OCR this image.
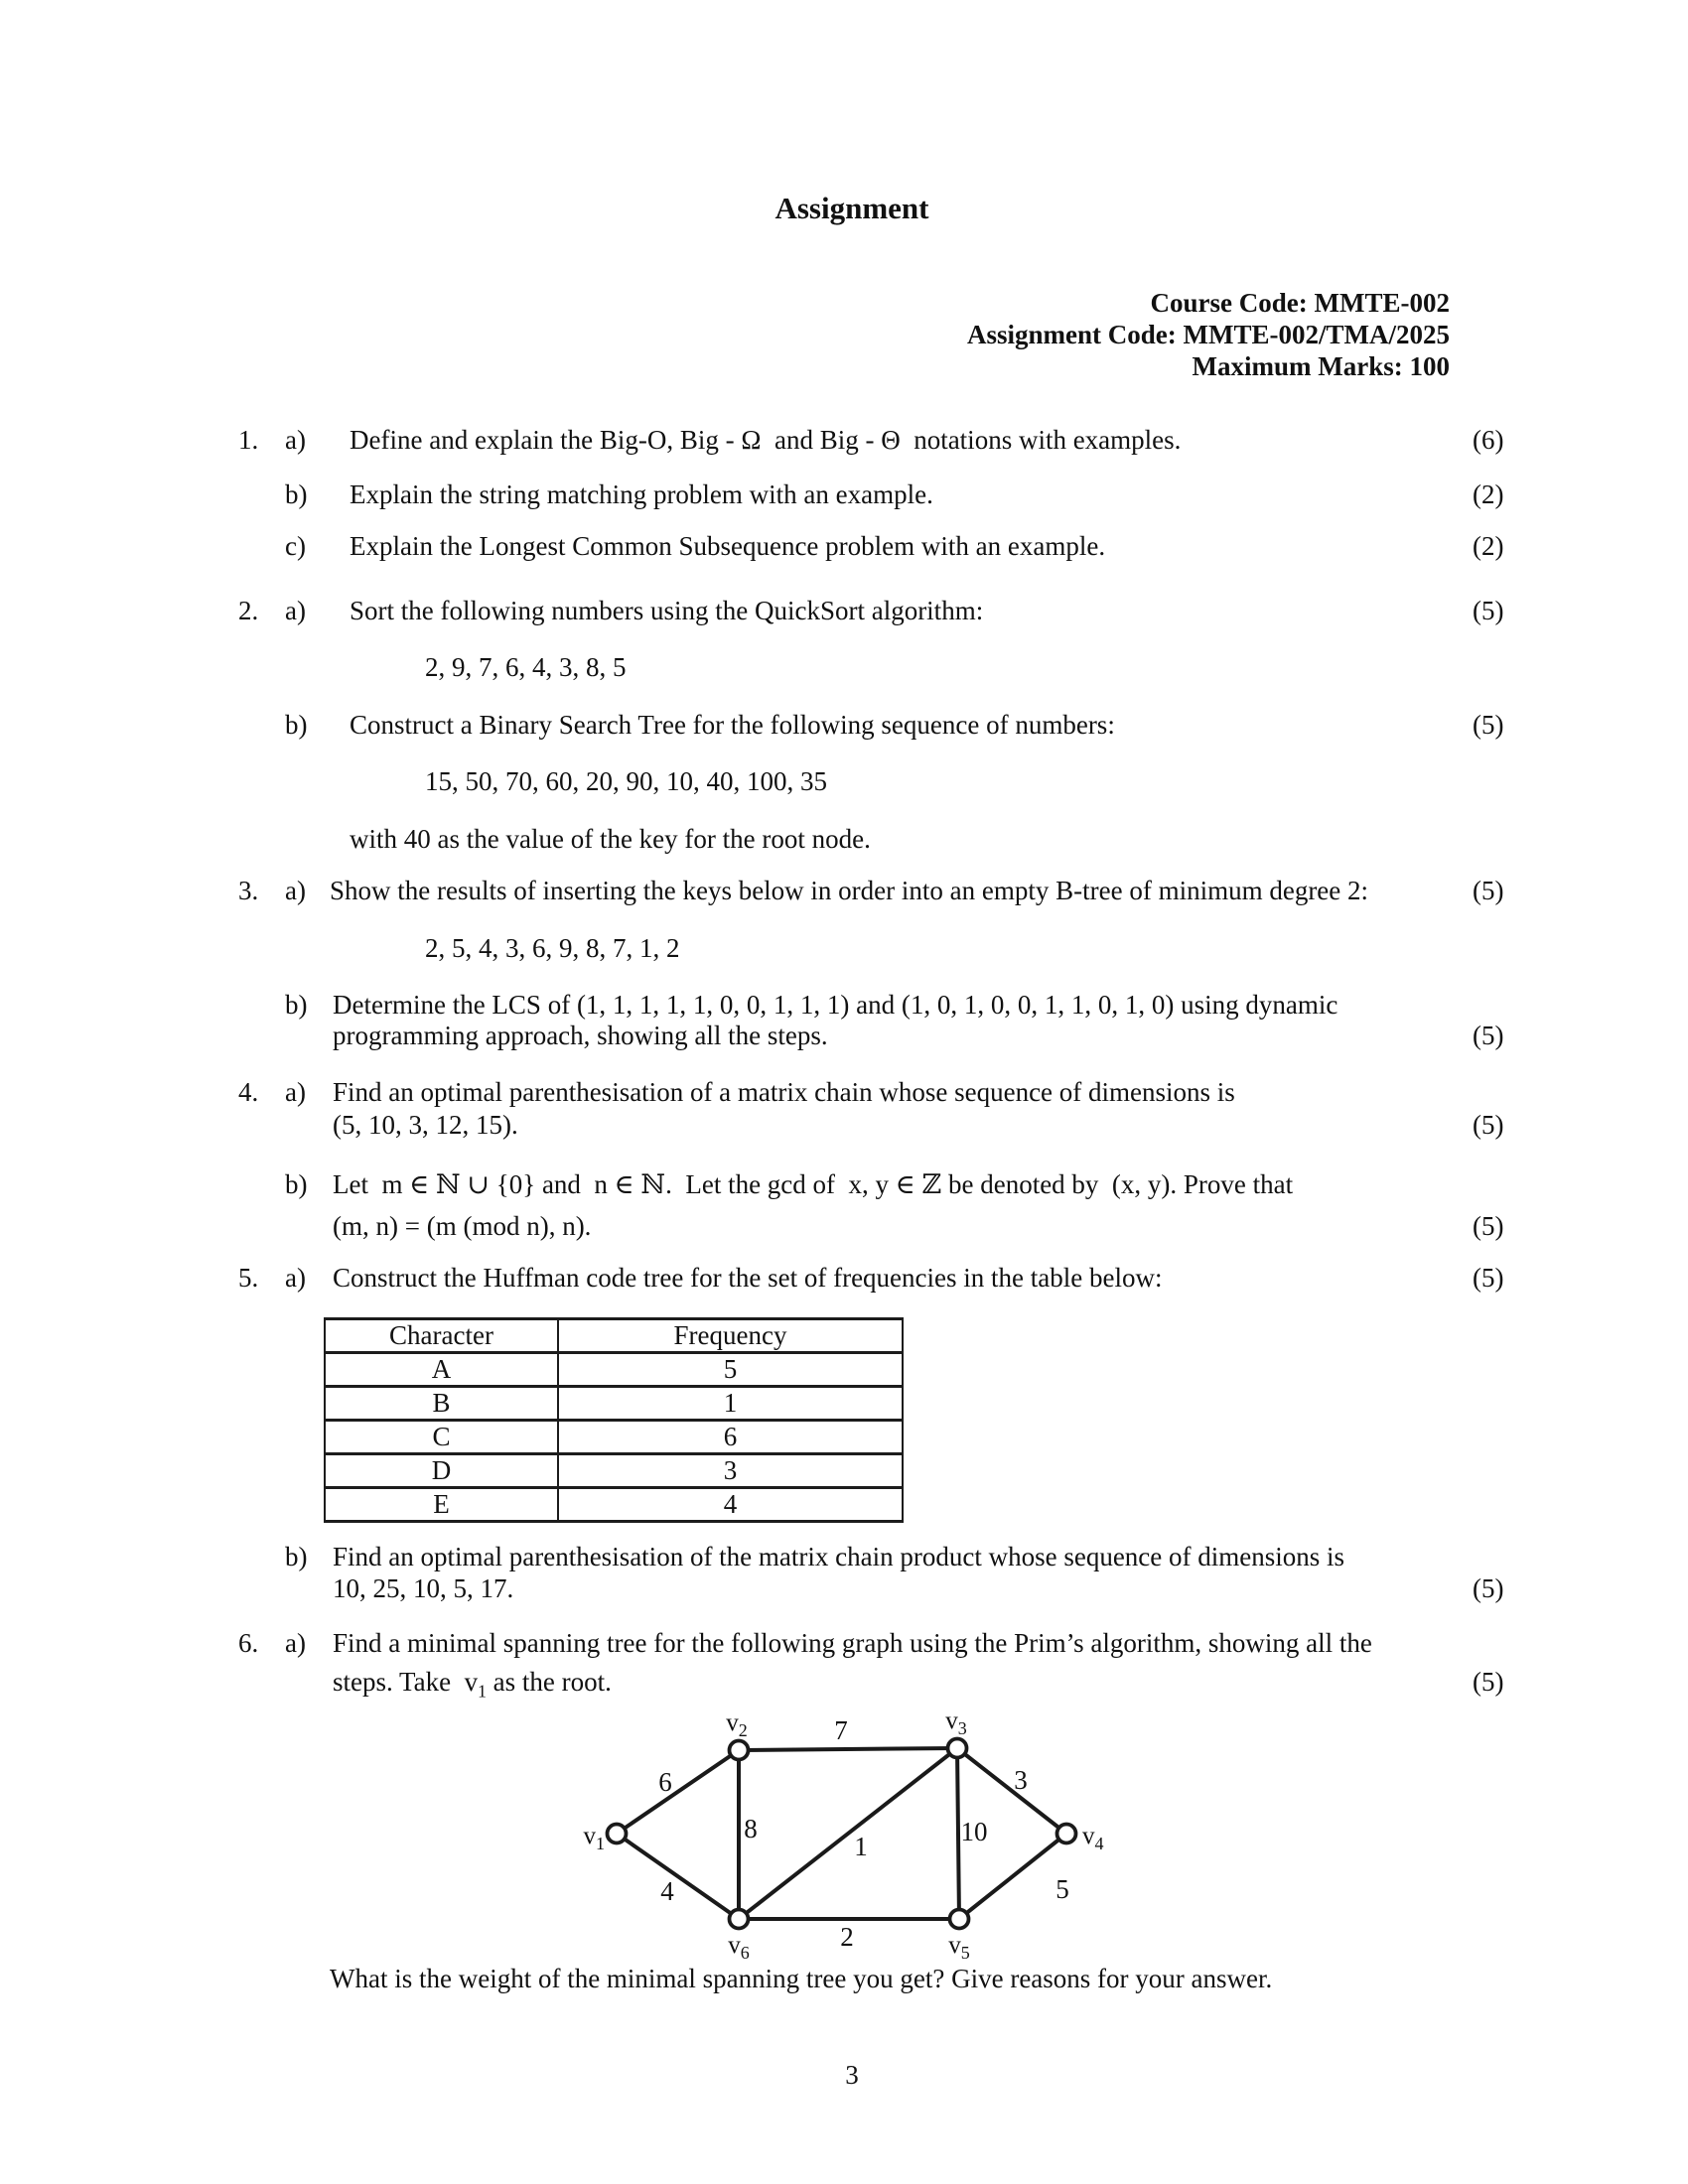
Assignment
Course Code: MMTE-002
Assignment Code: MMTE-002/TMA/2025
Maximum Marks: 100
1. a) Define and explain the Big-O, Big - Ω  and Big - Θ  notations with examples.	(6)
b) Explain the string matching problem with an example.	(2)
c) Explain the Longest Common Subsequence problem with an example.	(2)
2. a) Sort the following numbers using the QuickSort algorithm:	(5)
2, 9, 7, 6, 4, 3, 8, 5
b) Construct a Binary Search Tree for the following sequence of numbers:	(5)
15, 50, 70, 60, 20, 90, 10, 40, 100, 35
with 40 as the value of the key for the root node.
3. a) Show the results of inserting the keys below in order into an empty B-tree of minimum degree 2:	(5)
2, 5, 4, 3, 6, 9, 8, 7, 1, 2
b) Determine the LCS of (1, 1, 1, 1, 1, 0, 0, 1, 1, 1) and (1, 0, 1, 0, 0, 1, 1, 0, 1, 0) using dynamic
programming approach, showing all the steps.	(5)
4. a) Find an optimal parenthesisation of a matrix chain whose sequence of dimensions is
(5, 10, 3, 12, 15).	(5)
b) Let  m ∈ ℕ ∪ {0} and  n ∈ ℕ.  Let the gcd of  x, y ∈ ℤ be denoted by  (x, y). Prove that
(m, n) = (m (mod n), n).	(5)
5. a) Construct the Huffman code tree for the set of frequencies in the table below:	(5)
Character	Frequency
A	5
B	1
C	6
D	3
E	4
b) Find an optimal parenthesisation of the matrix chain product whose sequence of dimensions is
10, 25, 10, 5, 17.	(5)
6. a) Find a minimal spanning tree for the following graph using the Prim’s algorithm, showing all the
steps. Take  $v_1$ as the root.	(5)
$v_1$
$v_2$	$v_3$
$v_4$
$v_5$
$v_6$
6
7
3
4
8
1	10
5
2
What is the weight of the minimal spanning tree you get? Give reasons for your answer.
3
